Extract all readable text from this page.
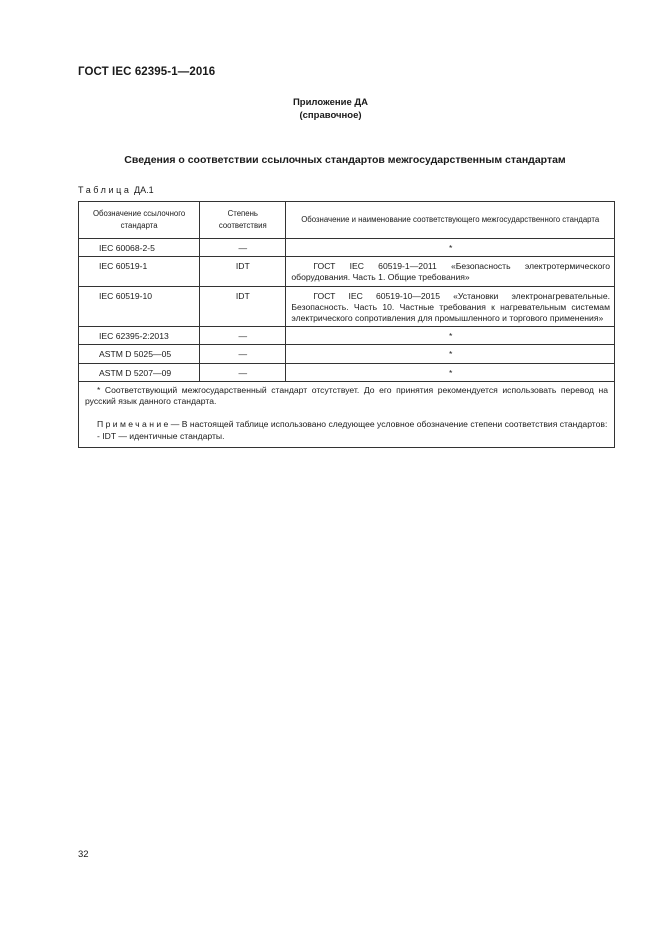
ГОСТ IEC 62395-1—2016
Приложение ДА
(справочное)
Сведения о соответствии ссылочных стандартов межгосударственным стандартам
Таблица ДА.1
Обозначение ссылочного стандарта	Степень соответствия	Обозначение и наименование соответствующего межгосударственного стандарта
IEC 60068-2-5	—	*
IEC 60519-1	IDT	ГОСТ IEC 60519-1—2011 «Безопасность электротермического оборудования. Часть 1. Общие требования»

IEC 60519-10	IDT	ГОСТ IEC 60519-10—2015 «Установки электронагревательные. Безопасность. Часть 10. Частные требования к нагревательным системам электрического сопротивления для промышленного и торгового применения»

IEC 62395-2:2013	—	*
ASTM D 5025—05	—	*
ASTM D 5207—09	—	*

* Соответствующий межгосударственный стандарт отсутствует. До его принятия рекомендуется использовать перевод на русский язык данного стандарта.

Примечание— В настоящей таблице использовано следующее условное обозначение степени соответствия стандартов:

- IDT — идентичные стандарты.		

32
